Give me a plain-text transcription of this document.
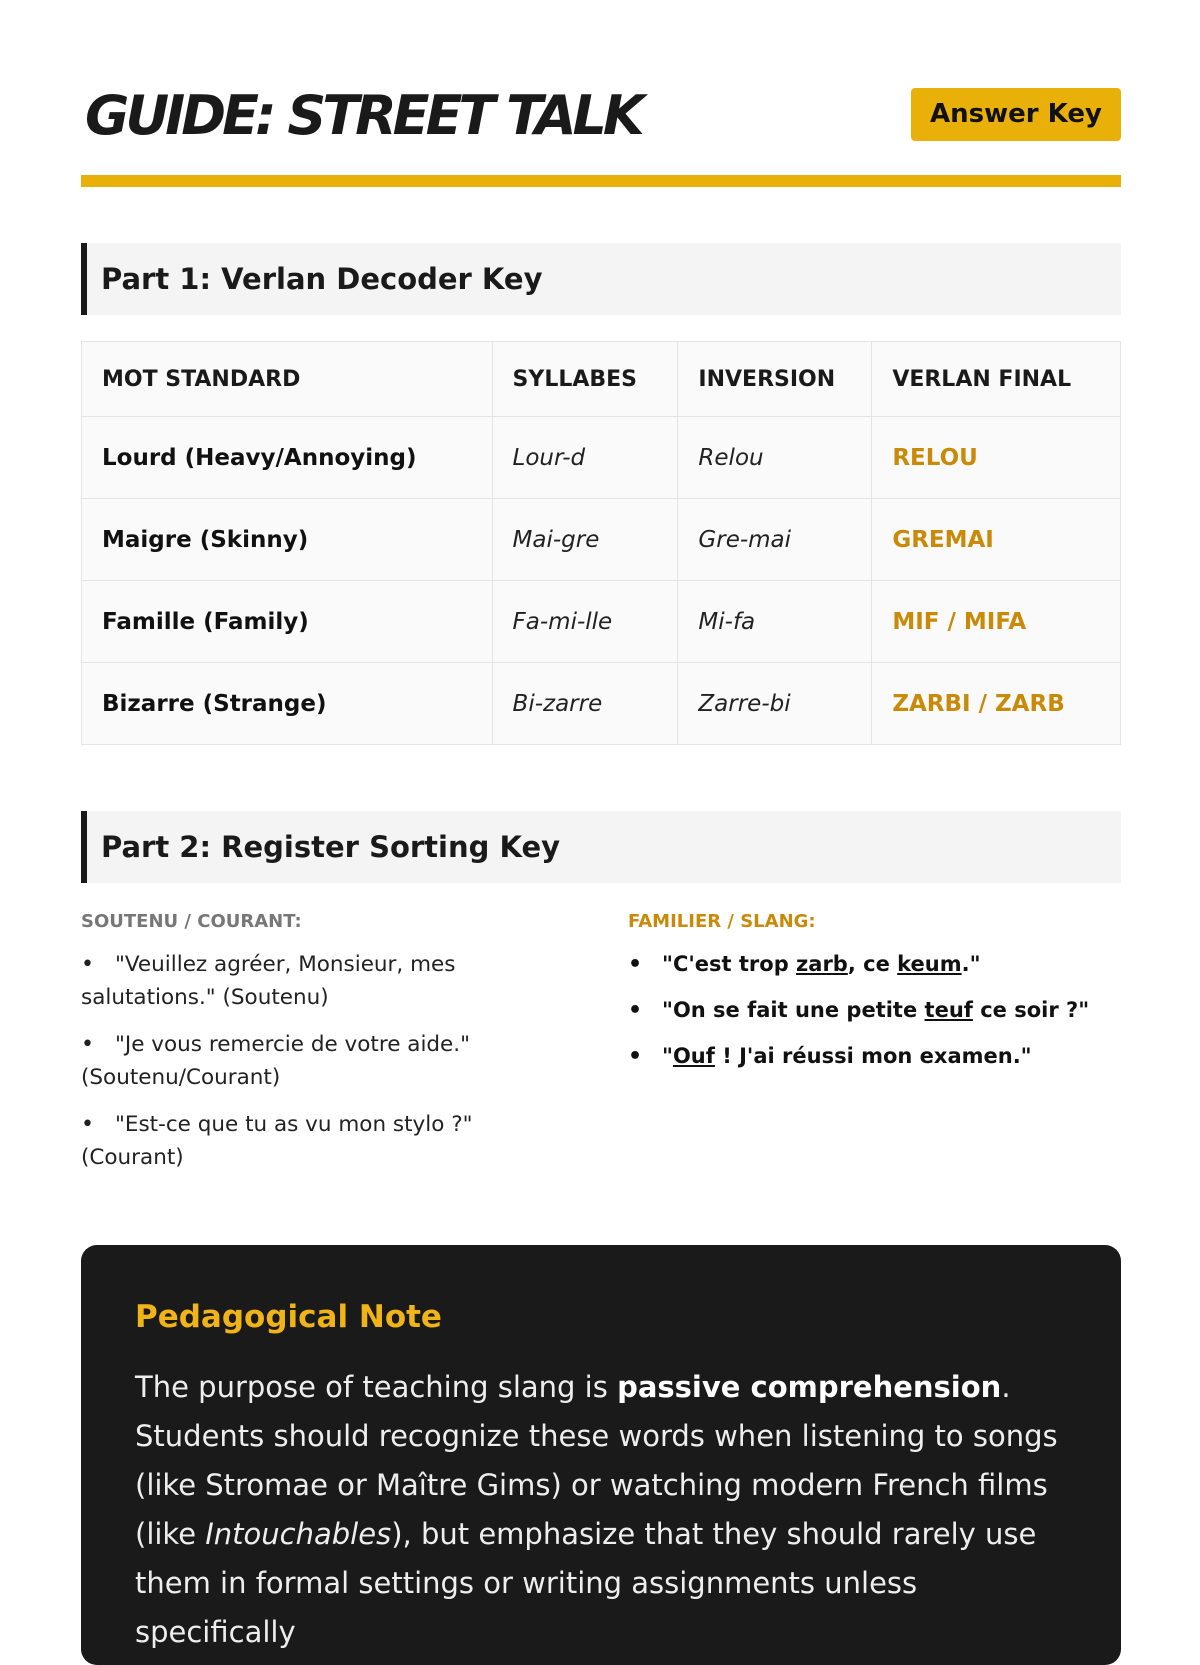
GUIDE: STREET TALK	Answer Key
Part 1: Verlan Decoder Key
MOT STANDARD	SYLLABES	INVERSION	VERLAN FINAL
Lourd (Heavy/Annoying)	Lour-d	Relou	RELOU
Maigre (Skinny)	Mai-gre	Gre-mai	GREMAI
Famille (Family)	Fa-mi-lle	Mi-fa	MIF / MIFA
Bizarre (Strange)	Bi-zarre	Zarre-bi	ZARBI / ZARB
Part 2: Register Sorting Key

SOUTENU / COURANT:

•"Veuillez agréer, Monsieur, mes salutations." (Soutenu)
•"Je vous remercie de votre aide." (Soutenu/Courant)
•"Est-ce que tu as vu mon stylo ?" (Courant)

FAMILIER / SLANG:

•"C'est trop zarb, ce keum."
•"On se fait une petite teuf ce soir ?"
•"Ouf ! J'ai réussi mon examen."
Pedagogical Note

The purpose of teaching slang is passive comprehension. Students should recognize these words when listening to songs (like Stromae or Maître Gims) or watching modern French films (like Intouchables), but emphasize that they should rarely use them in formal settings or writing assignments unless specifically
